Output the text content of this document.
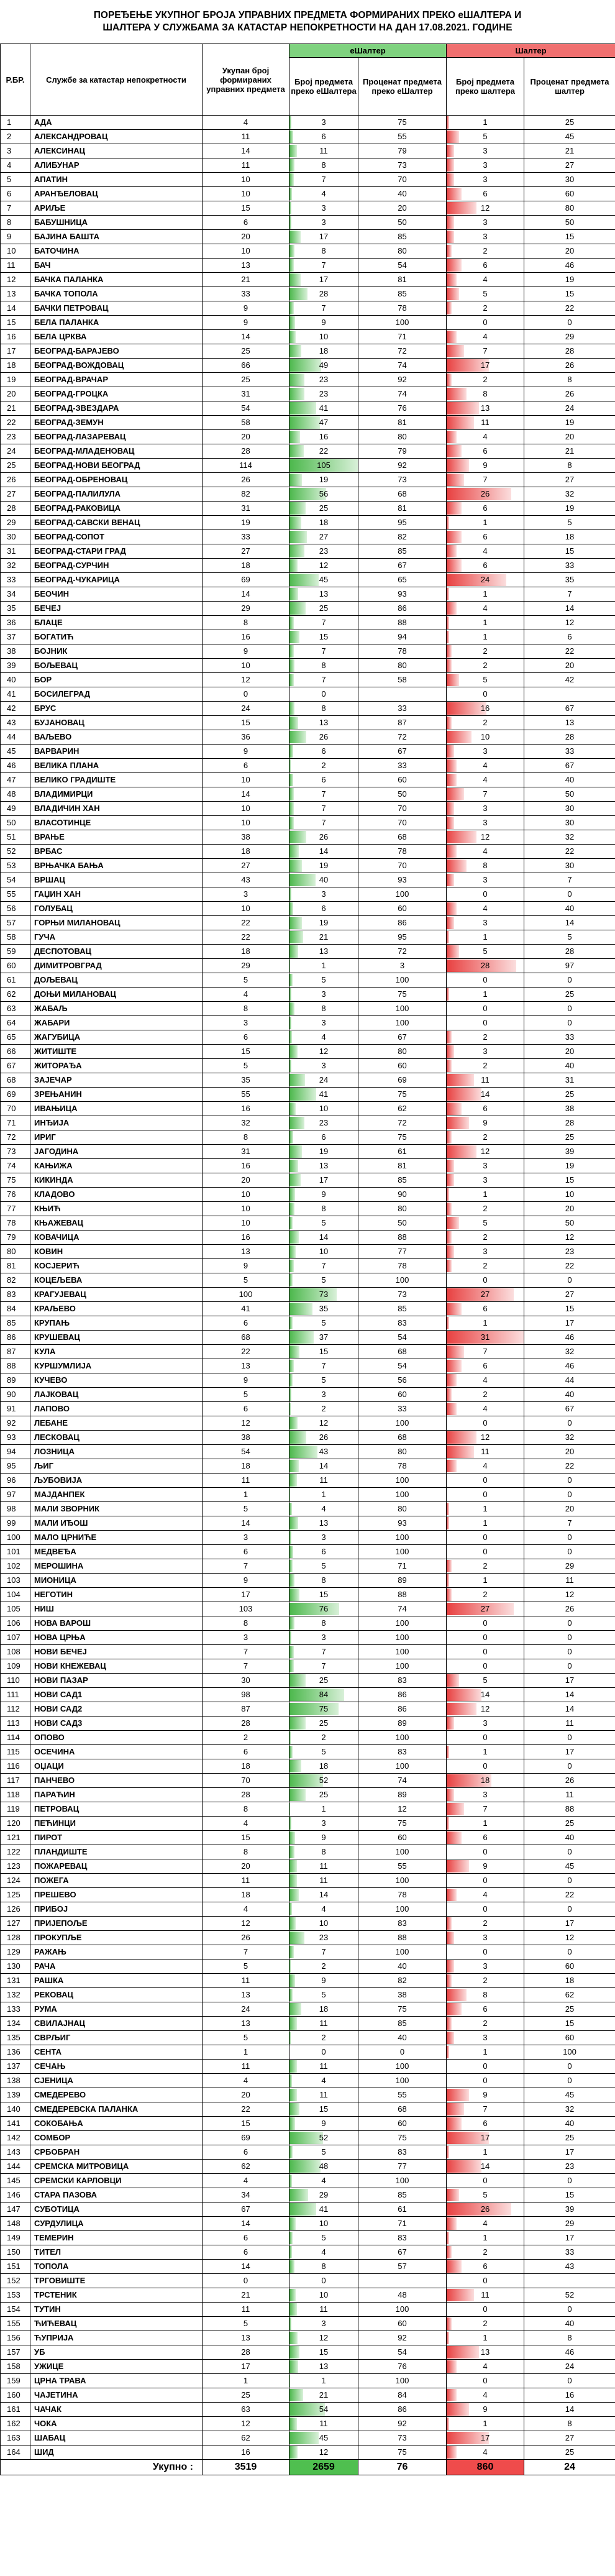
ПОРЕЂЕЊЕ УКУПНОГ БРОЈА УПРАВНИХ ПРЕДМЕТА ФОРМИРАНИХ ПРЕКО еШАЛТЕРА И
ШАЛТЕРА У СЛУЖБАМА ЗА КАТАСТАР НЕПОКРЕТНОСТИ НА ДАН 17.08.2021. ГОДИНЕ
Р.БР.	Службе за катастар непокретности	Укупан број формираних управних предмета	еШалтер		Шалтер	
			Број предмета преко еШалтера	Проценат предмета преко еШалтер	Број предмета преко шалтера	Проценат предмета шалтер
1	АДА	4	3	75	1	25
2	АЛЕКСАНДРОВАЦ	11	6	55	5	45
3	АЛЕКСИНАЦ	14	11	79	3	21
4	АЛИБУНАР	11	8	73	3	27
5	АПАТИН	10	7	70	3	30
6	АРАНЂЕЛОВАЦ	10	4	40	6	60
7	АРИЉЕ	15	3	20	12	80
8	БАБУШНИЦА	6	3	50	3	50
9	БАЈИНА БАШТА	20	17	85	3	15
10	БАТОЧИНА	10	8	80	2	20
11	БАЧ	13	7	54	6	46
12	БАЧКА ПАЛАНКА	21	17	81	4	19
13	БАЧКА ТОПОЛА	33	28	85	5	15
14	БАЧКИ ПЕТРОВАЦ	9	7	78	2	22
15	БЕЛА ПАЛАНКА	9	9	100	0	0
16	БЕЛА ЦРКВА	14	10	71	4	29
17	БЕОГРАД-БАРАЈЕВО	25	18	72	7	28
18	БЕОГРАД-ВОЖДОВАЦ	66	49	74	17	26
19	БЕОГРАД-ВРАЧАР	25	23	92	2	8
20	БЕОГРАД-ГРОЦКА	31	23	74	8	26
21	БЕОГРАД-ЗВЕЗДАРА	54	41	76	13	24
22	БЕОГРАД-ЗЕМУН	58	47	81	11	19
23	БЕОГРАД-ЛАЗАРЕВАЦ	20	16	80	4	20
24	БЕОГРАД-МЛАДЕНОВАЦ	28	22	79	6	21
25	БЕОГРАД-НОВИ БЕОГРАД	114	105	92	9	8
26	БЕОГРАД-ОБРЕНОВАЦ	26	19	73	7	27
27	БЕОГРАД-ПАЛИЛУЛА	82	56	68	26	32
28	БЕОГРАД-РАКОВИЦА	31	25	81	6	19
29	БЕОГРАД-САВСКИ ВЕНАЦ	19	18	95	1	5
30	БЕОГРАД-СОПОТ	33	27	82	6	18
31	БЕОГРАД-СТАРИ ГРАД	27	23	85	4	15
32	БЕОГРАД-СУРЧИН	18	12	67	6	33
33	БЕОГРАД-ЧУКАРИЦА	69	45	65	24	35
34	БЕОЧИН	14	13	93	1	7
35	БЕЧЕЈ	29	25	86	4	14
36	БЛАЦЕ	8	7	88	1	12
37	БОГАТИЋ	16	15	94	1	6
38	БОЈНИК	9	7	78	2	22
39	БОЉЕВАЦ	10	8	80	2	20
40	БОР	12	7	58	5	42
41	БОСИЛЕГРАД	0	0		0	
42	БРУС	24	8	33	16	67
43	БУЈАНОВАЦ	15	13	87	2	13
44	ВАЉЕВО	36	26	72	10	28
45	ВАРВАРИН	9	6	67	3	33
46	ВЕЛИКА ПЛАНА	6	2	33	4	67
47	ВЕЛИКО ГРАДИШТЕ	10	6	60	4	40
48	ВЛАДИМИРЦИ	14	7	50	7	50
49	ВЛАДИЧИН ХАН	10	7	70	3	30
50	ВЛАСОТИНЦЕ	10	7	70	3	30
51	ВРАЊЕ	38	26	68	12	32
52	ВРБАС	18	14	78	4	22
53	ВРЊАЧКА БАЊА	27	19	70	8	30
54	ВРШАЦ	43	40	93	3	7
55	ГАЏИН ХАН	3	3	100	0	0
56	ГОЛУБАЦ	10	6	60	4	40
57	ГОРЊИ МИЛАНОВАЦ	22	19	86	3	14
58	ГУЧА	22	21	95	1	5
59	ДЕСПОТОВАЦ	18	13	72	5	28
60	ДИМИТРОВГРАД	29	1	3	28	97
61	ДОЉЕВАЦ	5	5	100	0	0
62	ДОЊИ МИЛАНОВАЦ	4	3	75	1	25
63	ЖАБАЉ	8	8	100	0	0
64	ЖАБАРИ	3	3	100	0	0
65	ЖАГУБИЦА	6	4	67	2	33
66	ЖИТИШТЕ	15	12	80	3	20
67	ЖИТОРАЂА	5	3	60	2	40
68	ЗАЈЕЧАР	35	24	69	11	31
69	ЗРЕЊАНИН	55	41	75	14	25
70	ИВАЊИЦА	16	10	62	6	38
71	ИНЂИЈА	32	23	72	9	28
72	ИРИГ	8	6	75	2	25
73	ЈАГОДИНА	31	19	61	12	39
74	КАЊИЖА	16	13	81	3	19
75	КИКИНДА	20	17	85	3	15
76	КЛАДОВО	10	9	90	1	10
77	КЊИЋ	10	8	80	2	20
78	КЊАЖЕВАЦ	10	5	50	5	50
79	КОВАЧИЦА	16	14	88	2	12
80	КОВИН	13	10	77	3	23
81	КОСЈЕРИЋ	9	7	78	2	22
82	КОЦЕЉЕВА	5	5	100	0	0
83	КРАГУЈЕВАЦ	100	73	73	27	27
84	КРАЉЕВО	41	35	85	6	15
85	КРУПАЊ	6	5	83	1	17
86	КРУШЕВАЦ	68	37	54	31	46
87	КУЛА	22	15	68	7	32
88	КУРШУМЛИЈА	13	7	54	6	46
89	КУЧЕВО	9	5	56	4	44
90	ЛАЈКОВАЦ	5	3	60	2	40
91	ЛАПОВО	6	2	33	4	67
92	ЛЕБАНЕ	12	12	100	0	0
93	ЛЕСКОВАЦ	38	26	68	12	32
94	ЛОЗНИЦА	54	43	80	11	20
95	ЉИГ	18	14	78	4	22
96	ЉУБОВИЈА	11	11	100	0	0
97	МАЈДАНПЕК	1	1	100	0	0
98	МАЛИ ЗВОРНИК	5	4	80	1	20
99	МАЛИ ИЂОШ	14	13	93	1	7
100	МАЛО ЦРНИЋЕ	3	3	100	0	0
101	МЕДВЕЂА	6	6	100	0	0
102	МЕРОШИНА	7	5	71	2	29
103	МИОНИЦА	9	8	89	1	11
104	НЕГОТИН	17	15	88	2	12
105	НИШ	103	76	74	27	26
106	НОВА ВАРОШ	8	8	100	0	0
107	НОВА ЦРЊА	3	3	100	0	0
108	НОВИ БЕЧЕЈ	7	7	100	0	0
109	НОВИ КНЕЖЕВАЦ	7	7	100	0	0
110	НОВИ ПАЗАР	30	25	83	5	17
111	НОВИ САД1	98	84	86	14	14
112	НОВИ САД2	87	75	86	12	14
113	НОВИ САД3	28	25	89	3	11
114	ОПОВО	2	2	100	0	0
115	ОСЕЧИНА	6	5	83	1	17
116	ОЏАЦИ	18	18	100	0	0
117	ПАНЧЕВО	70	52	74	18	26
118	ПАРАЋИН	28	25	89	3	11
119	ПЕТРОВАЦ	8	1	12	7	88
120	ПЕЋИНЦИ	4	3	75	1	25
121	ПИРОТ	15	9	60	6	40
122	ПЛАНДИШТЕ	8	8	100	0	0
123	ПОЖАРЕВАЦ	20	11	55	9	45
124	ПОЖЕГА	11	11	100	0	0
125	ПРЕШЕВО	18	14	78	4	22
126	ПРИБОЈ	4	4	100	0	0
127	ПРИЈЕПОЉЕ	12	10	83	2	17
128	ПРОКУПЉЕ	26	23	88	3	12
129	РАЖАЊ	7	7	100	0	0
130	РАЧА	5	2	40	3	60
131	РАШКА	11	9	82	2	18
132	РЕКОВАЦ	13	5	38	8	62
133	РУМА	24	18	75	6	25
134	СВИЛАЈНАЦ	13	11	85	2	15
135	СВРЉИГ	5	2	40	3	60
136	СЕНТА	1	0	0	1	100
137	СЕЧАЊ	11	11	100	0	0
138	СЈЕНИЦА	4	4	100	0	0
139	СМЕДЕРЕВО	20	11	55	9	45
140	СМЕДЕРЕВСКА ПАЛАНКА	22	15	68	7	32
141	СОКОБАЊА	15	9	60	6	40
142	СОМБОР	69	52	75	17	25
143	СРБОБРАН	6	5	83	1	17
144	СРЕМСКА МИТРОВИЦА	62	48	77	14	23
145	СРЕМСКИ КАРЛОВЦИ	4	4	100	0	0
146	СТАРА ПАЗОВА	34	29	85	5	15
147	СУБОТИЦА	67	41	61	26	39
148	СУРДУЛИЦА	14	10	71	4	29
149	ТЕМЕРИН	6	5	83	1	17
150	ТИТЕЛ	6	4	67	2	33
151	ТОПОЛА	14	8	57	6	43
152	ТРГОВИШТЕ	0	0		0	
153	ТРСТЕНИК	21	10	48	11	52
154	ТУТИН	11	11	100	0	0
155	ЋИЋЕВАЦ	5	3	60	2	40
156	ЋУПРИЈА	13	12	92	1	8
157	УБ	28	15	54	13	46
158	УЖИЦЕ	17	13	76	4	24
159	ЦРНА ТРАВА	1	1	100	0	0
160	ЧАЈЕТИНА	25	21	84	4	16
161	ЧАЧАК	63	54	86	9	14
162	ЧОКА	12	11	92	1	8
163	ШАБАЦ	62	45	73	17	27
164	ШИД	16	12	75	4	25
Укупно :		3519	2659	76	860	24
